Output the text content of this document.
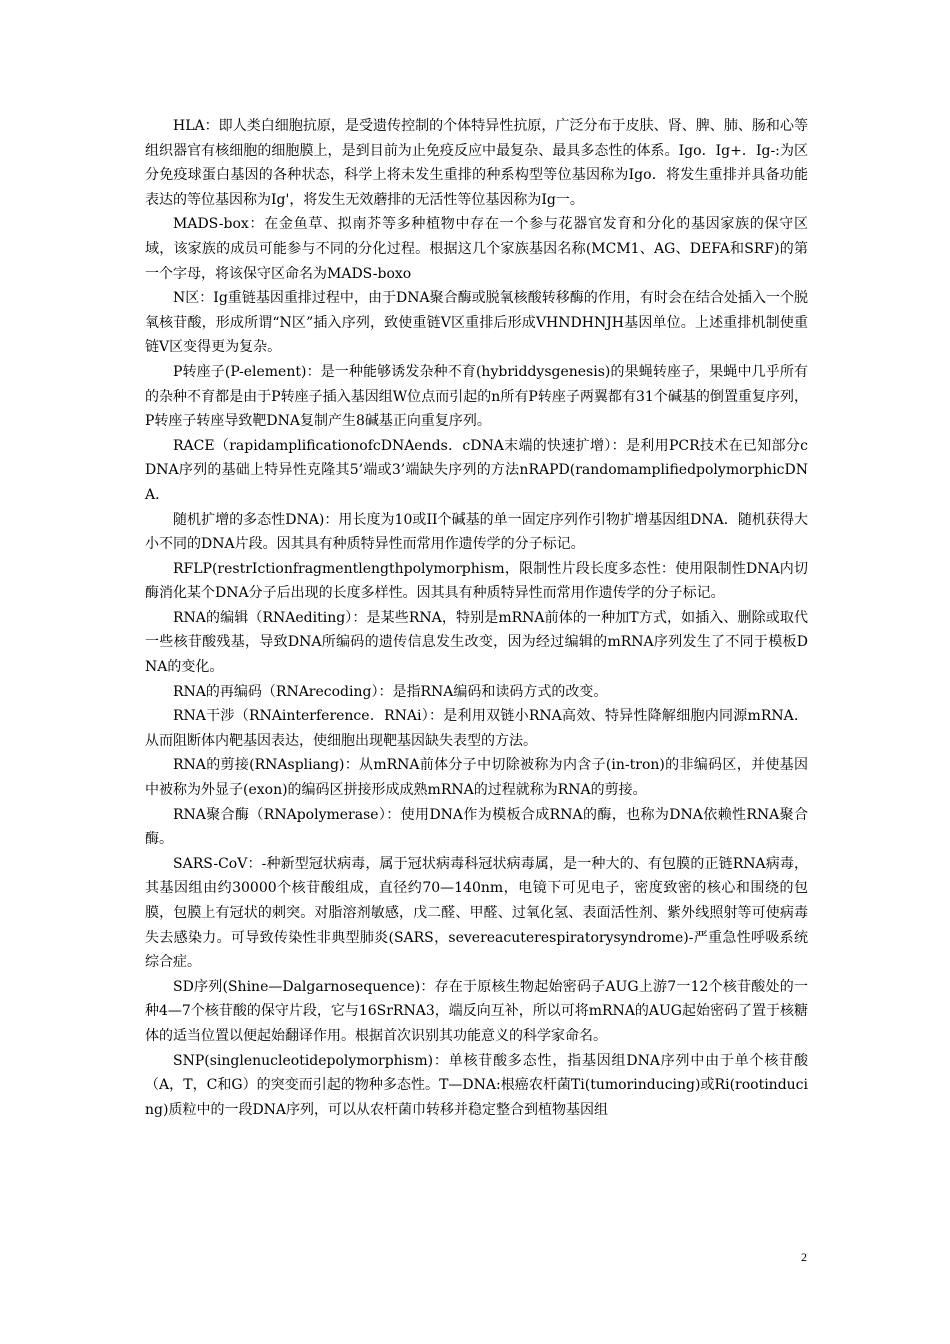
HLA：即人类白细胞抗原，是受遗传控制的个体特异性抗原，广泛分布于皮肤、肾、脾、肺、肠和心等组织器官有核细胞的细胞膜上，是到目前为止免疫反应中最复杂、最具多态性的体系。Igo．Ig+．Ig-:为区分免疫球蛋白基因的各种状态，科学上将未发生重排的种系构型等位基因称为Igo．将发生重排并具备功能表达的等位基因称为Ig'，将发生无效蘑排的无活性等位基因称为Ig一。

MADS-box：在金鱼草、拟南芥等多种植物中存在一个参与花器官发育和分化的基因家族的保守区域，该家族的成员可能参与不同的分化过程。根据这几个家族基因名称(MCM1、AG、DEFA和SRF)的第一个字母，将该保守区命名为MADS-boxo

N区：Ig重链基因重排过程中，由于DNA聚合酶或脱氧核酸转移酶的作用，有时会在结合处插入一个脱氧核苷酸，形成所谓“N区”插入序列，致使重链V区重排后形成VHNDHNJH基因单位。上述重排机制使重链V区变得更为复杂。

P转座子(P-element)：是一种能够诱发杂种不育(hybriddysgenesis)的果蝇转座子，果蝇中几乎所有的杂种不育都是由于P转座子插入基因组W位点而引起的n所有P转座子两翼都有31个碱基的倒置重复序列，P转座子转座导致靶DNA复制产生8碱基正向重复序列。

RACE（rapidamplificationofcDNAends．cDNA末端的快速扩增）：是利用PCR技术在已知部分cDNA序列的基础上特异性克隆其5’端或3’端缺失序列的方法nRAPD(randomamplifiedpolymorphicDNA．

随机扩增的多态性DNA)：用长度为10或II个碱基的单一固定序列作引物扩增基因组DNA．随机获得大小不同的DNA片段。因其具有种质特异性而常用作遗传学的分子标记。

RFLP(restrIctionfragmentlengthpolymorphism，限制性片段长度多态性：使用限制性DNA内切酶消化某个DNA分子后出现的长度多样性。因其具有种质特异性而常用作遗传学的分子标记。

RNA的编辑（RNAediting）：是某些RNA，特别是mRNA前体的一种加T方式，如插入、删除或取代一些核苷酸残基，导致DNA所编码的遗传信息发生改变，因为经过编辑的mRNA序列发生了不同于模板DNA的变化。

RNA的再编码（RNArecoding）：是指RNA编码和读码方式的改变。

RNA干涉（RNAinterference．RNAi）：是利用双链小RNA高效、特异性降解细胞内同源mRNA．从而阻断体内靶基因表达，使细胞出现靶基因缺失表型的方法。

RNA的剪接(RNAspliang)：从mRNA前体分子中切除被称为内含子(in-tron)的非编码区，并使基因中被称为外显子(exon)的编码区拼接形成成熟mRNA的过程就称为RNA的剪接。

RNA聚合酶（RNApolymerase）：使用DNA作为模板合成RNA的酶，也称为DNA依赖性RNA聚合酶。

SARS-CoV：-种新型冠状病毒，属于冠状病毒科冠状病毒属，是一种大的、有包膜的正链RNA病毒，其基因组由约30000个核苷酸组成，直径约70—140nm，电镜下可见电子，密度致密的核心和围绕的包膜，包膜上有冠状的刺突。对脂溶剂敏感，戊二醛、甲醛、过氧化氢、表面活性剂、紫外线照射等可使病毒失去感染力。可导致传染性非典型肺炎(SARS，severeacuterespiratorysyndrome)-严重急性呼吸系统综合症。

SD序列(Shine—Dalgarnosequence)：存在于原核生物起始密码子AUG上游7一12个核苷酸处的一种4—7个核苷酸的保守片段，它与16SrRNA3，端反向互补，所以可将mRNA的AUG起始密码了置于核糖体的适当位置以便起始翻译作用。根据首次识别其功能意义的科学家命名。

SNP(singlenucleotidepolymorphism)：单核苷酸多态性，指基因组DNA序列中由于单个核苷酸（A，T，C和G）的突变而引起的物种多态性。T—DNA:根癌农杆菌Ti(tumorinducing)或Ri(rootinducing)质粒中的一段DNA序列，可以从农杆菌巾转移并稳定整合到植物基因组

2
